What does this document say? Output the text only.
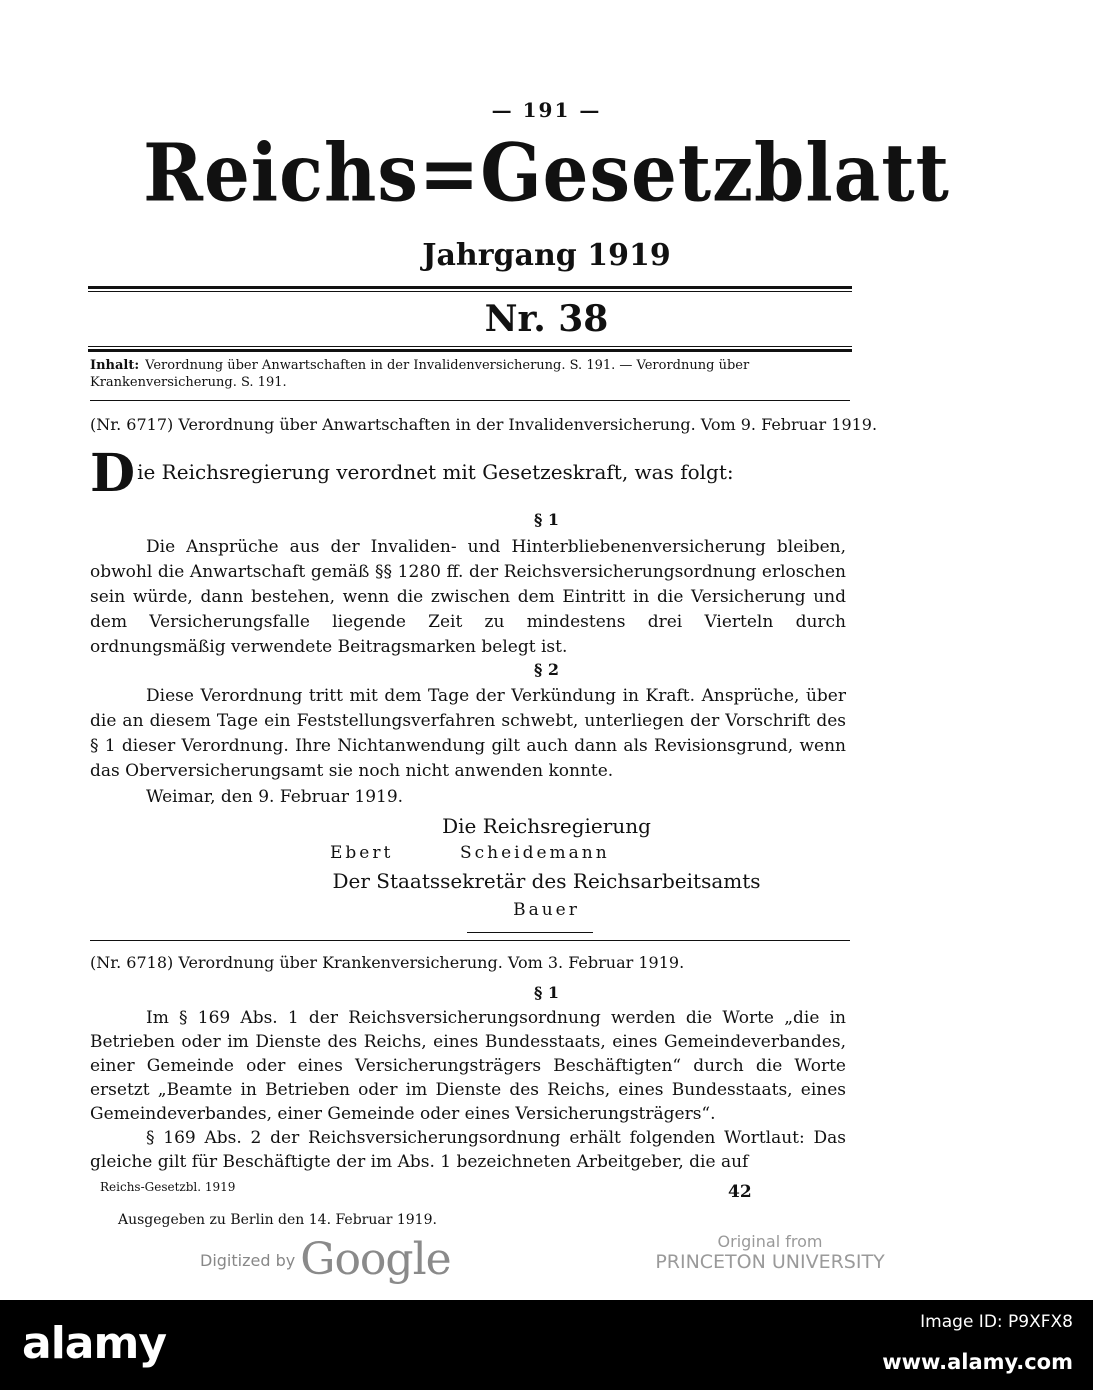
— 191 —
Reichs=Gesetzblatt
Jahrgang 1919
Nr. 38
Inhalt: Verordnung über Anwartschaften in der Invalidenversicherung. S. 191. — Verordnung über Krankenversicherung. S. 191.
(Nr. 6717) Verordnung über Anwartschaften in der Invalidenversicherung. Vom 9. Februar 1919.
Die Reichsregierung verordnet mit Gesetzeskraft, was folgt:
§ 1
Die Ansprüche aus der Invaliden- und Hinterbliebenenversicherung bleiben, obwohl die Anwartschaft gemäß §§ 1280 ff. der Reichsversicherungsordnung erloschen sein würde, dann bestehen, wenn die zwischen dem Eintritt in die Versicherung und dem Versicherungsfalle liegende Zeit zu mindestens drei Vierteln durch ordnungsmäßig verwendete Beitragsmarken belegt ist.
§ 2
Diese Verordnung tritt mit dem Tage der Verkündung in Kraft. Ansprüche, über die an diesem Tage ein Feststellungsverfahren schwebt, unterliegen der Vorschrift des § 1 dieser Verordnung. Ihre Nichtanwendung gilt auch dann als Revisionsgrund, wenn das Oberversicherungsamt sie noch nicht anwenden konnte.
Weimar, den 9. Februar 1919.
Die Reichsregierung
Ebert	Scheidemann
Der Staatssekretär des Reichsarbeitsamts
Bauer
(Nr. 6718) Verordnung über Krankenversicherung. Vom 3. Februar 1919.
§ 1
Im § 169 Abs. 1 der Reichsversicherungsordnung werden die Worte „die in Betrieben oder im Dienste des Reichs, eines Bundesstaats, eines Gemeindeverbandes, einer Gemeinde oder eines Versicherungsträgers Beschäftigten“ durch die Worte ersetzt „Beamte in Betrieben oder im Dienste des Reichs, eines Bundesstaats, eines Gemeindeverbandes, einer Gemeinde oder eines Versicherungsträgers“.
§ 169 Abs. 2 der Reichsversicherungsordnung erhält folgenden Wortlaut: Das gleiche gilt für Beschäftigte der im Abs. 1 bezeichneten Arbeitgeber, die auf
Reichs-Gesetzbl. 1919	42
Ausgegeben zu Berlin den 14. Februar 1919.
Digitized by Google	Original from
PRINCETON UNIVERSITY
alamy	Image ID: P9XFX8
www.alamy.com
